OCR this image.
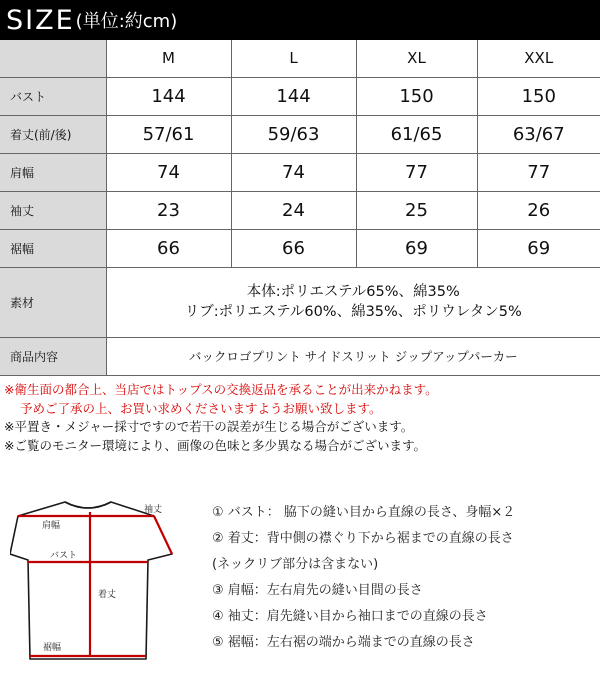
SIZE (単位:約cm)
	M	L	XL	XXL
バスト	144	144	150	150
着丈(前/後)	57/61	59/63	61/65	63/67
肩幅	74	74	77	77
袖丈	23	24	25	26
裾幅	66	66	69	69
素材	本体:ポリエステル65%、綿35%
リブ:ポリエステル60%、綿35%、ポリウレタン5%			

商品内容	バックロゴプリント サイドスリット ジップアップパーカー			
※衛生面の都合上、当店ではトップスの交換返品を承ることが出来かねます。
予めご了承の上、お買い求めくださいますようお願い致します。
※平置き・メジャー採寸ですので若干の誤差が生じる場合がございます。
※ご覧のモニター環境により、画像の色味と多少異なる場合がございます。
肩幅
袖丈
バスト
着丈
裾幅
① バスト： 脇下の縫い目から直線の長さ、身幅×２
② 着丈：背中側の襟ぐり下から裾までの直線の長さ
(ネックリブ部分は含まない)
③ 肩幅：左右肩先の縫い目間の長さ
④ 袖丈：肩先縫い目から袖口までの直線の長さ
⑤ 裾幅：左右裾の端から端までの直線の長さ
